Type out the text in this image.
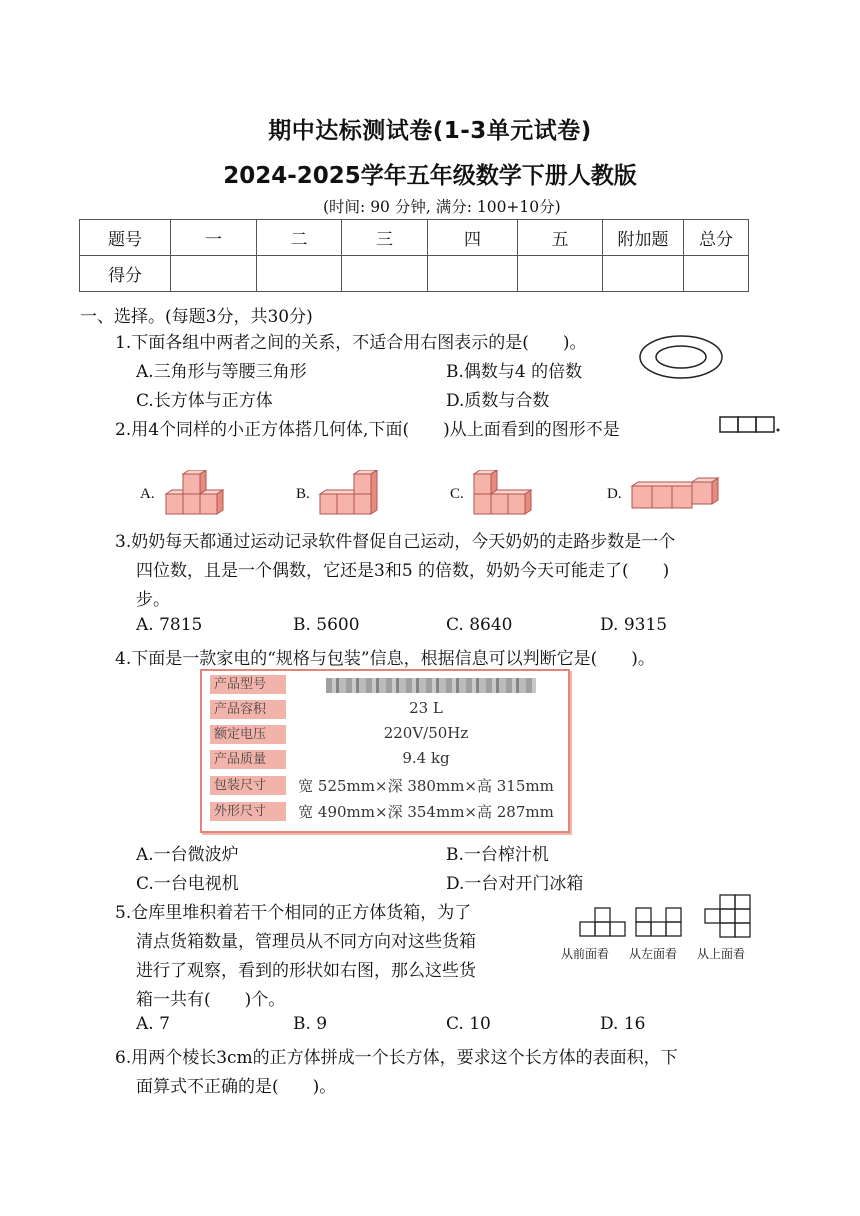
期中达标测试卷(1-3单元试卷)
2024-2025学年五年级数学下册人教版
(时间: 90 分钟, 满分: 100+10分)
题号	一	二	三	四	五	附加题	总分
得分							
一、选择。(每题3分，共30分)
1.下面各组中两者之间的关系，不适合用右图表示的是(　　)。
A.三角形与等腰三角形	B.偶数与4 的倍数
C.长方体与正方体	D.质数与合数
2.用4个同样的小正方体搭几何体,下面(　　)从上面看到的图形不是
A.	B.	C.	D.
3.奶奶每天都通过运动记录软件督促自己运动，今天奶奶的走路步数是一个
四位数，且是一个偶数，它还是3和5 的倍数，奶奶今天可能走了(　　)
步。
A. 7815	B. 5600	C. 8640	D. 9315
4.下面是一款家电的“规格与包装”信息，根据信息可以判断它是(　　)。
产品型号
产品容积	23 L
额定电压	220V/50Hz
产品质量	9.4 kg
包装尺寸	宽 525mm×深 380mm×高 315mm
外形尺寸	宽 490mm×深 354mm×高 287mm
A.一台微波炉	B.一台榨汁机
C.一台电视机	D.一台对开门冰箱
5.仓库里堆积着若干个相同的正方体货箱，为了
清点货箱数量，管理员从不同方向对这些货箱
进行了观察，看到的形状如右图，那么这些货
箱一共有(　　)个。
从前面看 从左面看 从上面看
A. 7	B. 9	C. 10	D. 16
6.用两个棱长3cm的正方体拼成一个长方体，要求这个长方体的表面积，下
面算式不正确的是(　　)。
